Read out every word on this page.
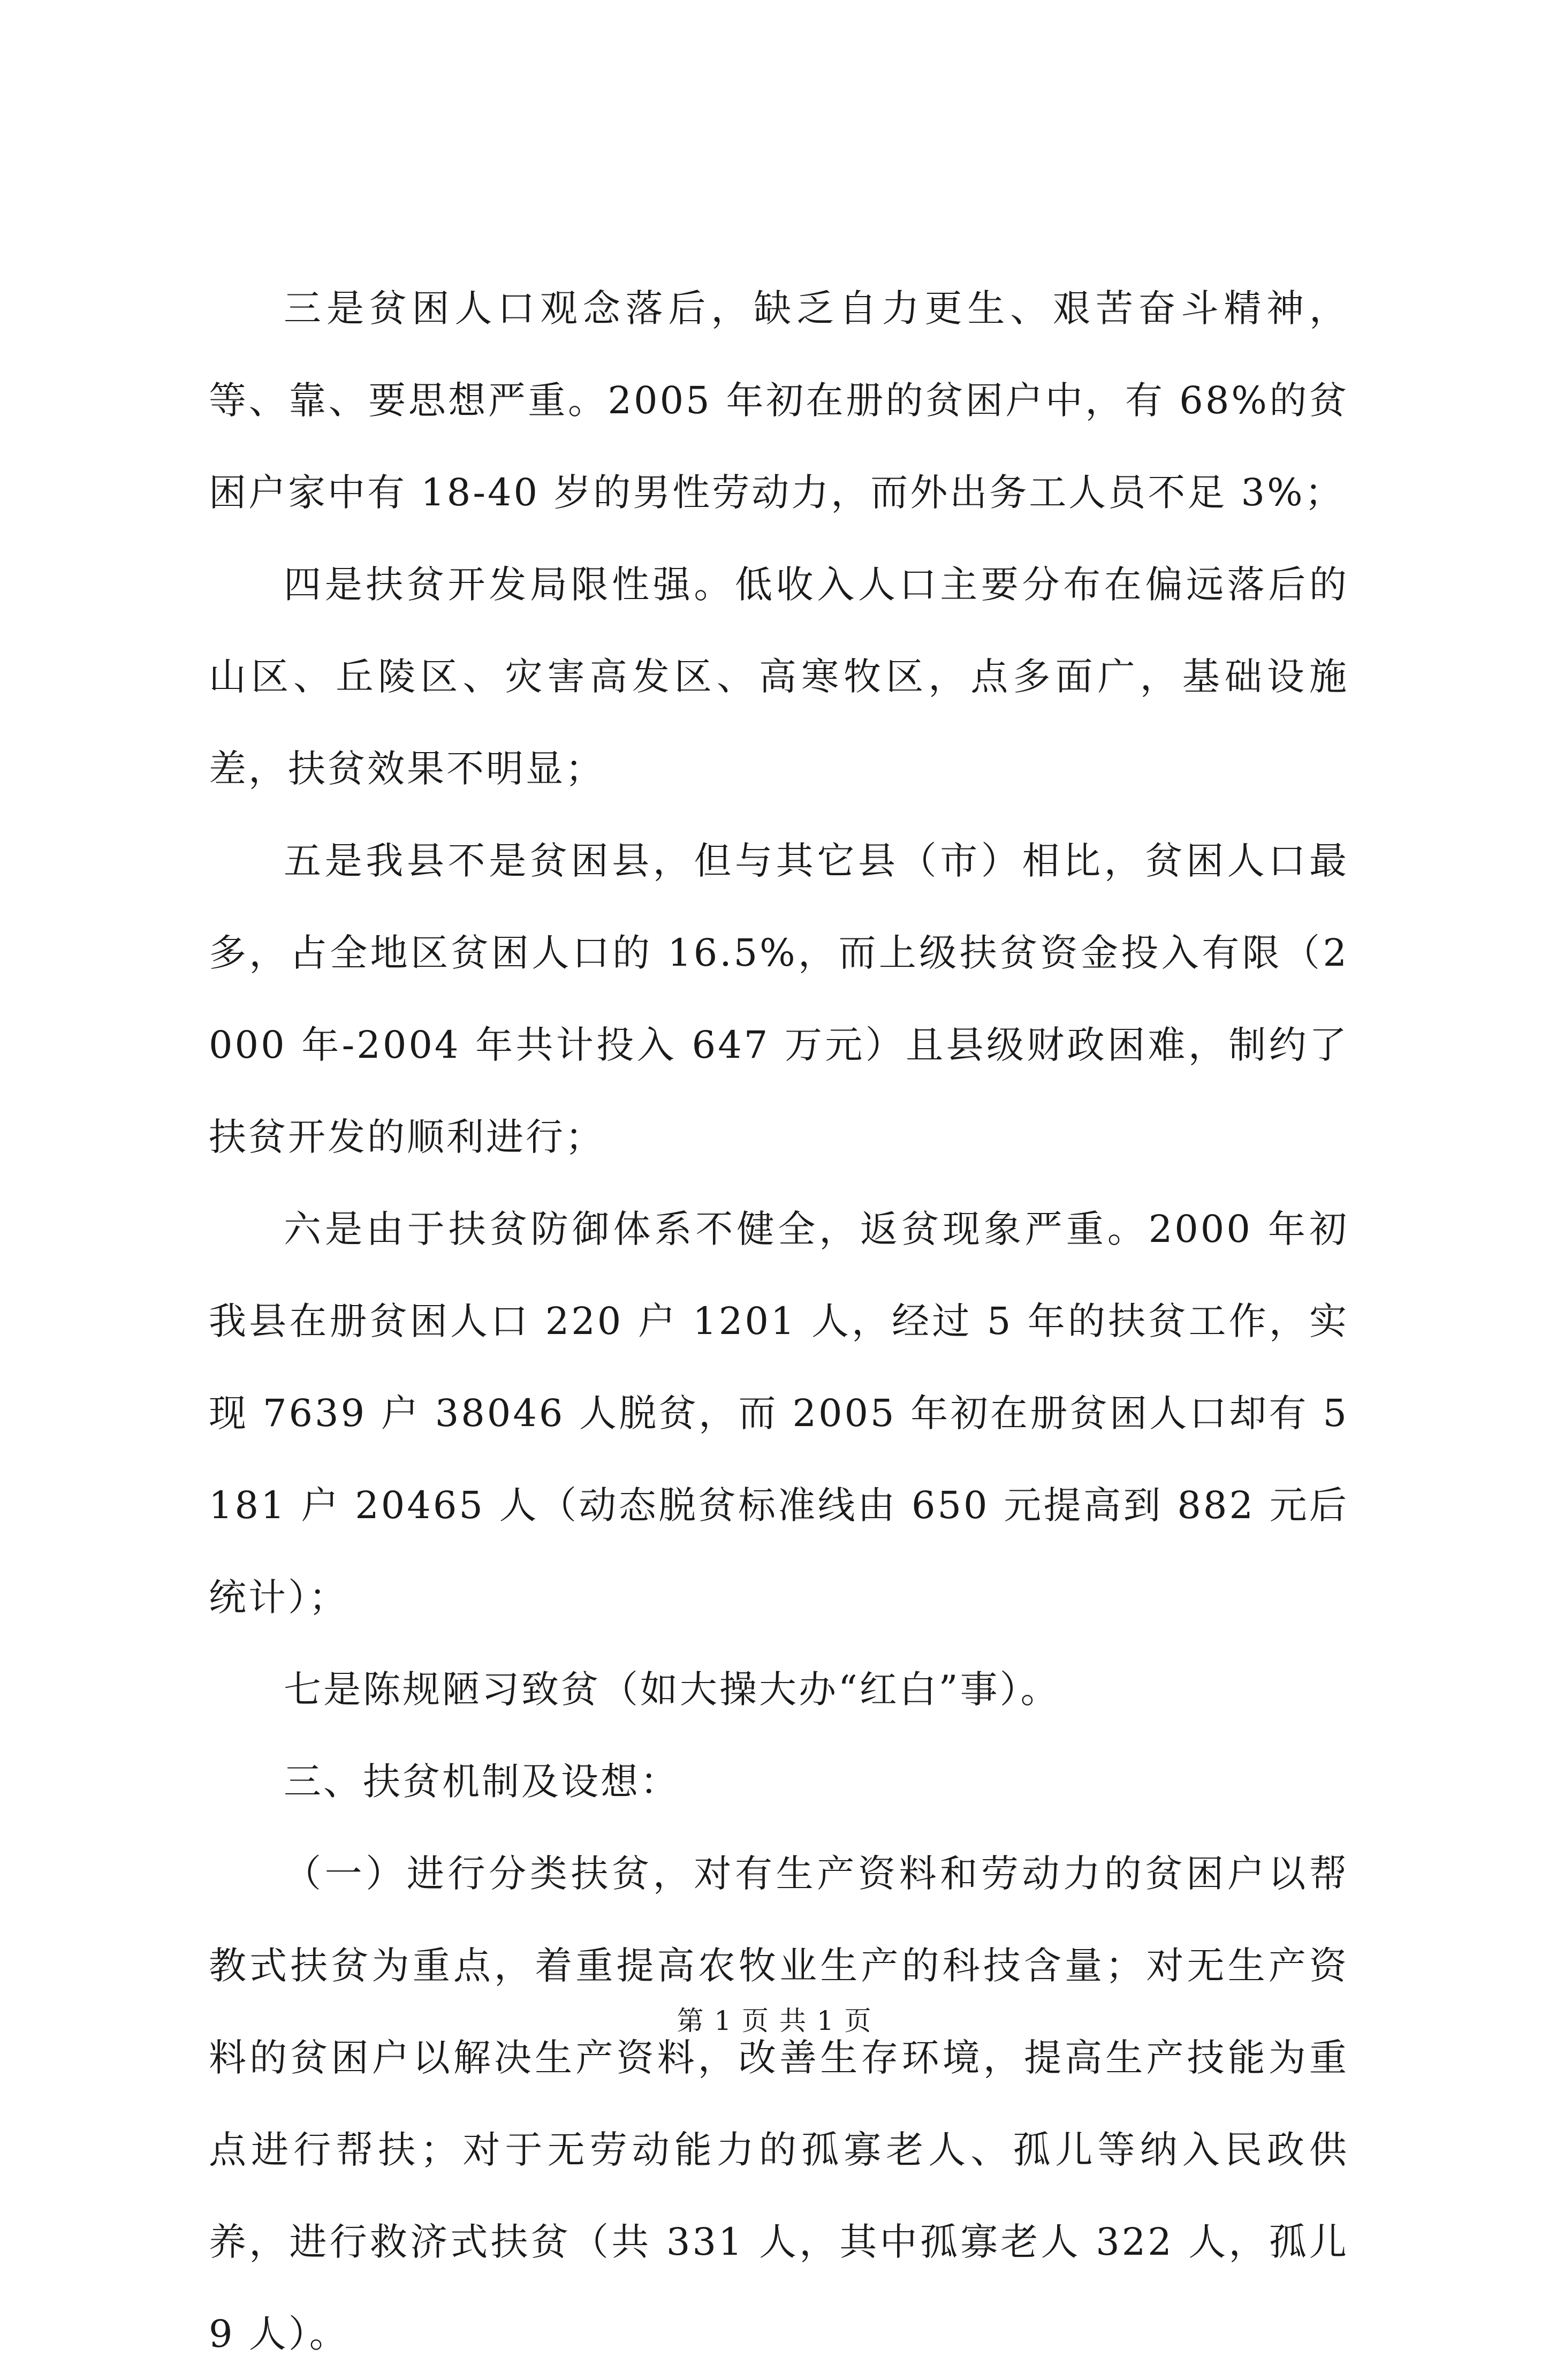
三是贫困人口观念落后，缺乏自力更生、艰苦奋斗精神，等、靠、要思想严重。2005 年初在册的贫困户中，有 68%的贫困户家中有 18-40 岁的男性劳动力，而外出务工人员不足 3%；

四是扶贫开发局限性强。低收入人口主要分布在偏远落后的山区、丘陵区、灾害高发区、高寒牧区，点多面广，基础设施差，扶贫效果不明显；

五是我县不是贫困县，但与其它县（市）相比，贫困人口最多，占全地区贫困人口的 16.5%，而上级扶贫资金投入有限（2000 年-2004 年共计投入 647 万元）且县级财政困难，制约了扶贫开发的顺利进行；

六是由于扶贫防御体系不健全，返贫现象严重。2000 年初我县在册贫困人口 220 户 1201 人，经过 5 年的扶贫工作，实现 7639 户 38046 人脱贫，而 2005 年初在册贫困人口却有 5181 户 20465 人（动态脱贫标准线由 650 元提高到 882 元后统计）；

七是陈规陋习致贫（如大操大办“红白”事）。

三、扶贫机制及设想：

（一）进行分类扶贫，对有生产资料和劳动力的贫困户以帮教式扶贫为重点，着重提高农牧业生产的科技含量；对无生产资料的贫困户以解决生产资料，改善生存环境，提高生产技能为重点进行帮扶；对于无劳动能力的孤寡老人、孤儿等纳入民政供养，进行救济式扶贫（共 331 人，其中孤寡老人 322 人，孤儿 9 人）。

第 1 页 共 1 页
